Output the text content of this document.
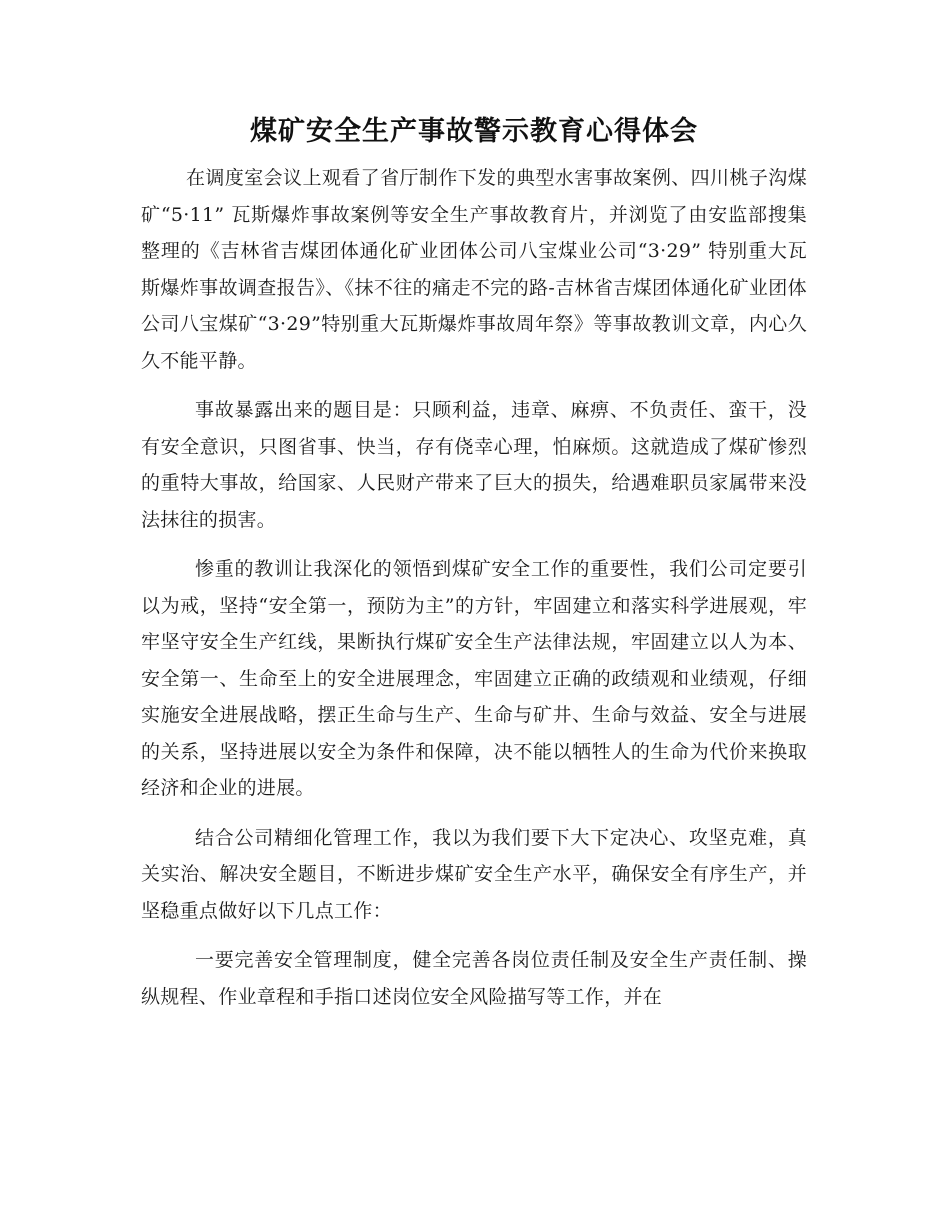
煤矿安全生产事故警示教育心得体会

在调度室会议上观看了省厅制作下发的典型水害事故案例、四川桃子沟煤矿“5·11” 瓦斯爆炸事故案例等安全生产事故教育片，并浏览了由安监部搜集整理的《吉林省吉煤团体通化矿业团体公司八宝煤业公司“3·29” 特别重大瓦斯爆炸事故调查报告》、《抹不往的痛走不完的路-吉林省吉煤团体通化矿业团体公司八宝煤矿“3·29”特别重大瓦斯爆炸事故周年祭》等事故教训文章，内心久久不能平静。

事故暴露出来的题目是：只顾利益，违章、麻痹、不负责任、蛮干，没有安全意识，只图省事、快当，存有侥幸心理，怕麻烦。这就造成了煤矿惨烈的重特大事故，给国家、人民财产带来了巨大的损失，给遇难职员家属带来没法抹往的损害。

惨重的教训让我深化的领悟到煤矿安全工作的重要性，我们公司定要引以为戒，坚持“安全第一，预防为主”的方针，牢固建立和落实科学进展观，牢牢坚守安全生产红线，果断执行煤矿安全生产法律法规，牢固建立以人为本、安全第一、生命至上的安全进展理念，牢固建立正确的政绩观和业绩观，仔细实施安全进展战略，摆正生命与生产、生命与矿井、生命与效益、安全与进展的关系，坚持进展以安全为条件和保障，决不能以牺牲人的生命为代价来换取经济和企业的进展。

结合公司精细化管理工作，我以为我们要下大下定决心、攻坚克难，真关实治、解决安全题目，不断进步煤矿安全生产水平，确保安全有序生产，并坚稳重点做好以下几点工作：

一要完善安全管理制度，健全完善各岗位责任制及安全生产责任制、操纵规程、作业章程和手指口述岗位安全风险描写等工作，并在
